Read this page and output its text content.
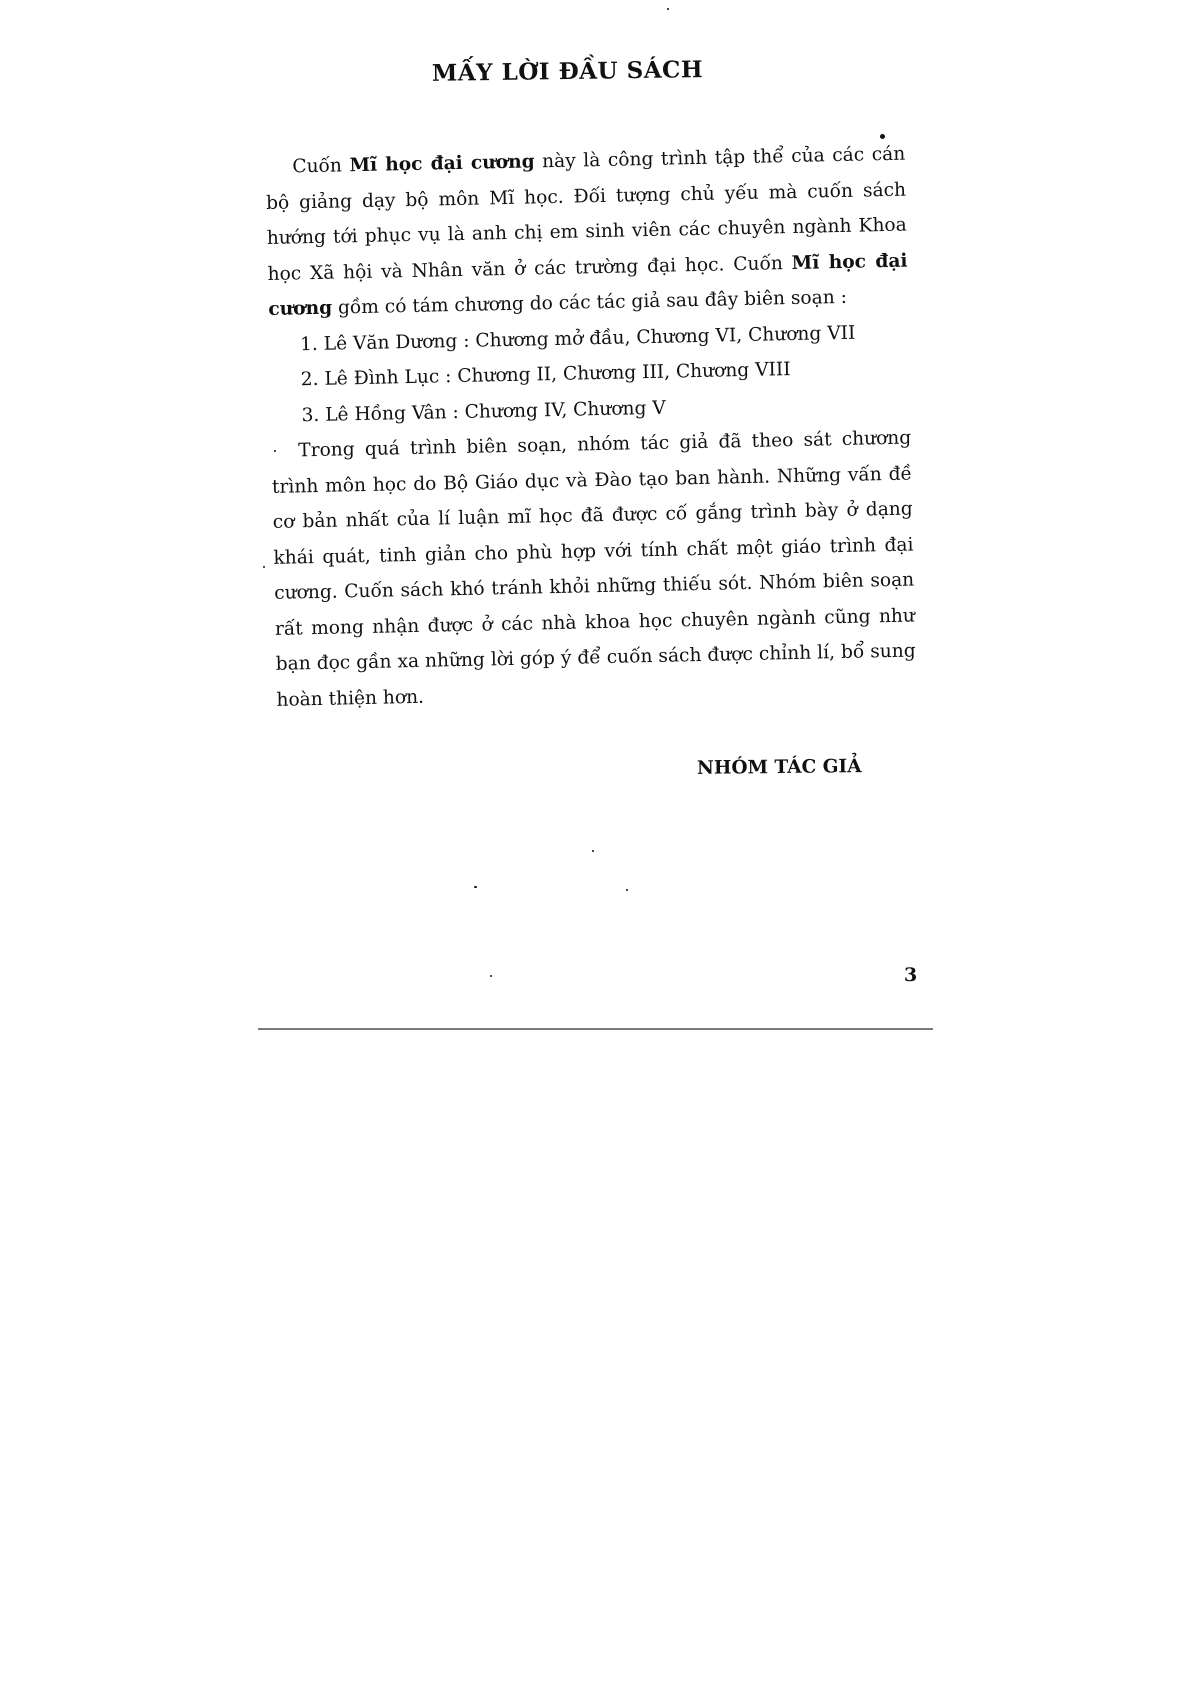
MẤY LỜI ĐẦU SÁCH

Cuốn Mĩ học đại cương này là công trình tập thể của các cán bộ giảng dạy bộ môn Mĩ học. Đối tượng chủ yếu mà cuốn sách hướng tới phục vụ là anh chị em sinh viên các chuyên ngành Khoa học Xã hội và Nhân văn ở các trường đại học. Cuốn Mĩ học đại cương gồm có tám chương do các tác giả sau đây biên soạn :

1. Lê Văn Dương : Chương mở đầu, Chương VI, Chương VII
2. Lê Đình Lục : Chương II, Chương III, Chương VIII
3. Lê Hồng Vân : Chương IV, Chương V

Trong quá trình biên soạn, nhóm tác giả đã theo sát chương trình môn học do Bộ Giáo dục và Đào tạo ban hành. Những vấn đề cơ bản nhất của lí luận mĩ học đã được cố gắng trình bày ở dạng khái quát, tinh giản cho phù hợp với tính chất một giáo trình đại cương. Cuốn sách khó tránh khỏi những thiếu sót. Nhóm biên soạn rất mong nhận được ở các nhà khoa học chuyên ngành cũng như bạn đọc gần xa những lời góp ý để cuốn sách được chỉnh lí, bổ sung hoàn thiện hơn.

NHÓM TÁC GIẢ
3
